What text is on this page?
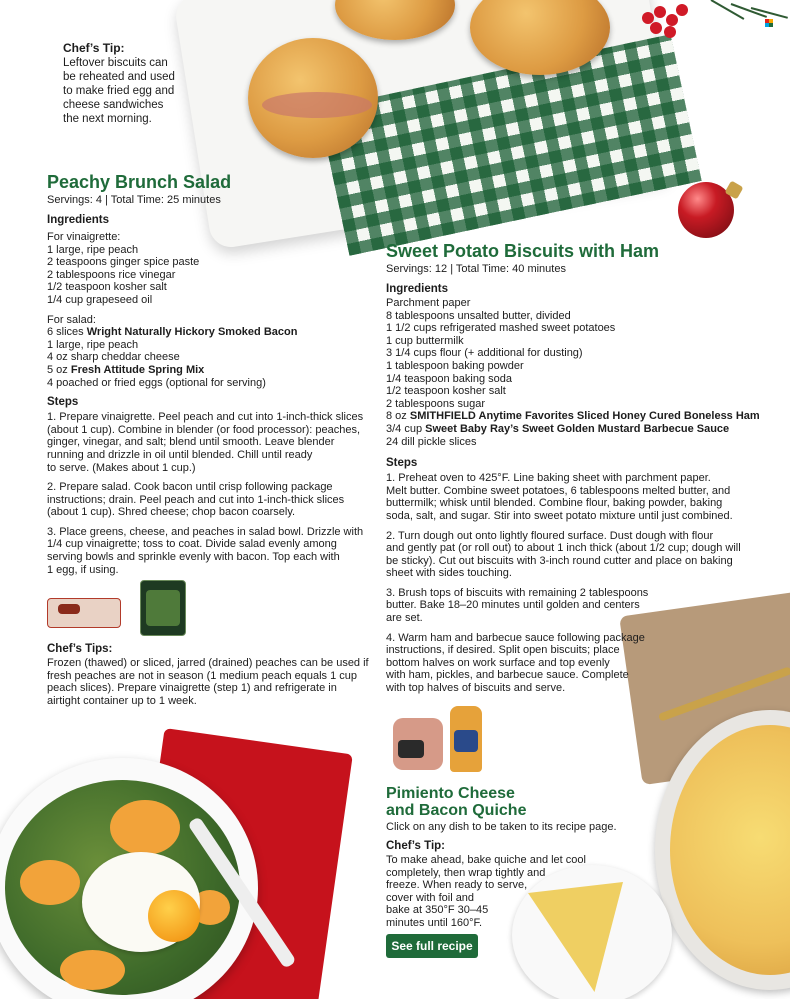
Chef’s Tip:
Leftover biscuits can
be reheated and used
to make fried egg and
cheese sandwiches
the next morning.
Peachy Brunch Salad
Servings: 4 | Total Time: 25 minutes
Ingredients
For vinaigrette:
1 large, ripe peach
2 teaspoons ginger spice paste
2 tablespoons rice vinegar
1/2 teaspoon kosher salt
1/4 cup grapeseed oil
For salad:
6 slices Wright Naturally Hickory Smoked Bacon
1 large, ripe peach
4 oz sharp cheddar cheese
5 oz Fresh Attitude Spring Mix
4 poached or fried eggs (optional for serving)
Steps
1. Prepare vinaigrette. Peel peach and cut into 1-inch-thick slices
(about 1 cup). Combine in blender (or food processor): peaches,
ginger, vinegar, and salt; blend until smooth. Leave blender
running and drizzle in oil until blended. Chill until ready
to serve. (Makes about 1 cup.)
2. Prepare salad. Cook bacon until crisp following package
instructions; drain. Peel peach and cut into 1-inch-thick slices
(about 1 cup). Shred cheese; chop bacon coarsely.
3. Place greens, cheese, and peaches in salad bowl. Drizzle with
1/4 cup vinaigrette; toss to coat. Divide salad evenly among
serving bowls and sprinkle evenly with bacon. Top each with
1 egg, if using.
Chef’s Tips:
Frozen (thawed) or sliced, jarred (drained) peaches can be used if
fresh peaches are not in season (1 medium peach equals 1 cup
peach slices). Prepare vinaigrette (step 1) and refrigerate in
airtight container up to 1 week.
Sweet Potato Biscuits with Ham
Servings: 12 | Total Time: 40 minutes
Ingredients
Parchment paper
8 tablespoons unsalted butter, divided
1 1/2 cups refrigerated mashed sweet potatoes
1 cup buttermilk
3 1/4 cups flour (+ additional for dusting)
1 tablespoon baking powder
1/4 teaspoon baking soda
1/2 teaspoon kosher salt
2 tablespoons sugar
8 oz SMITHFIELD Anytime Favorites Sliced Honey Cured Boneless Ham
3/4 cup Sweet Baby Ray’s Sweet Golden Mustard Barbecue Sauce
24 dill pickle slices
Steps
1. Preheat oven to 425°F. Line baking sheet with parchment paper.
Melt butter. Combine sweet potatoes, 6 tablespoons melted butter, and
buttermilk; whisk until blended. Combine flour, baking powder, baking
soda, salt, and sugar. Stir into sweet potato mixture until just combined.
2. Turn dough out onto lightly floured surface. Dust dough with flour
and gently pat (or roll out) to about 1 inch thick (about 1/2 cup; dough will
be sticky). Cut out biscuits with 3-inch round cutter and place on baking
sheet with sides touching.
3. Brush tops of biscuits with remaining 2 tablespoons
butter. Bake 18–20 minutes until golden and centers
are set.
4. Warm ham and barbecue sauce following package
instructions, if desired. Split open biscuits; place
bottom halves on work surface and top evenly
with ham, pickles, and barbecue sauce. Complete
with top halves of biscuits and serve.
Pimiento Cheese
and Bacon Quiche
Click on any dish to be taken to its recipe page.
Chef’s Tip:
To make ahead, bake quiche and let cool
completely, then wrap tightly and
freeze. When ready to serve,
cover with foil and
bake at 350°F 30–45
minutes until 160°F.
See full recipe
